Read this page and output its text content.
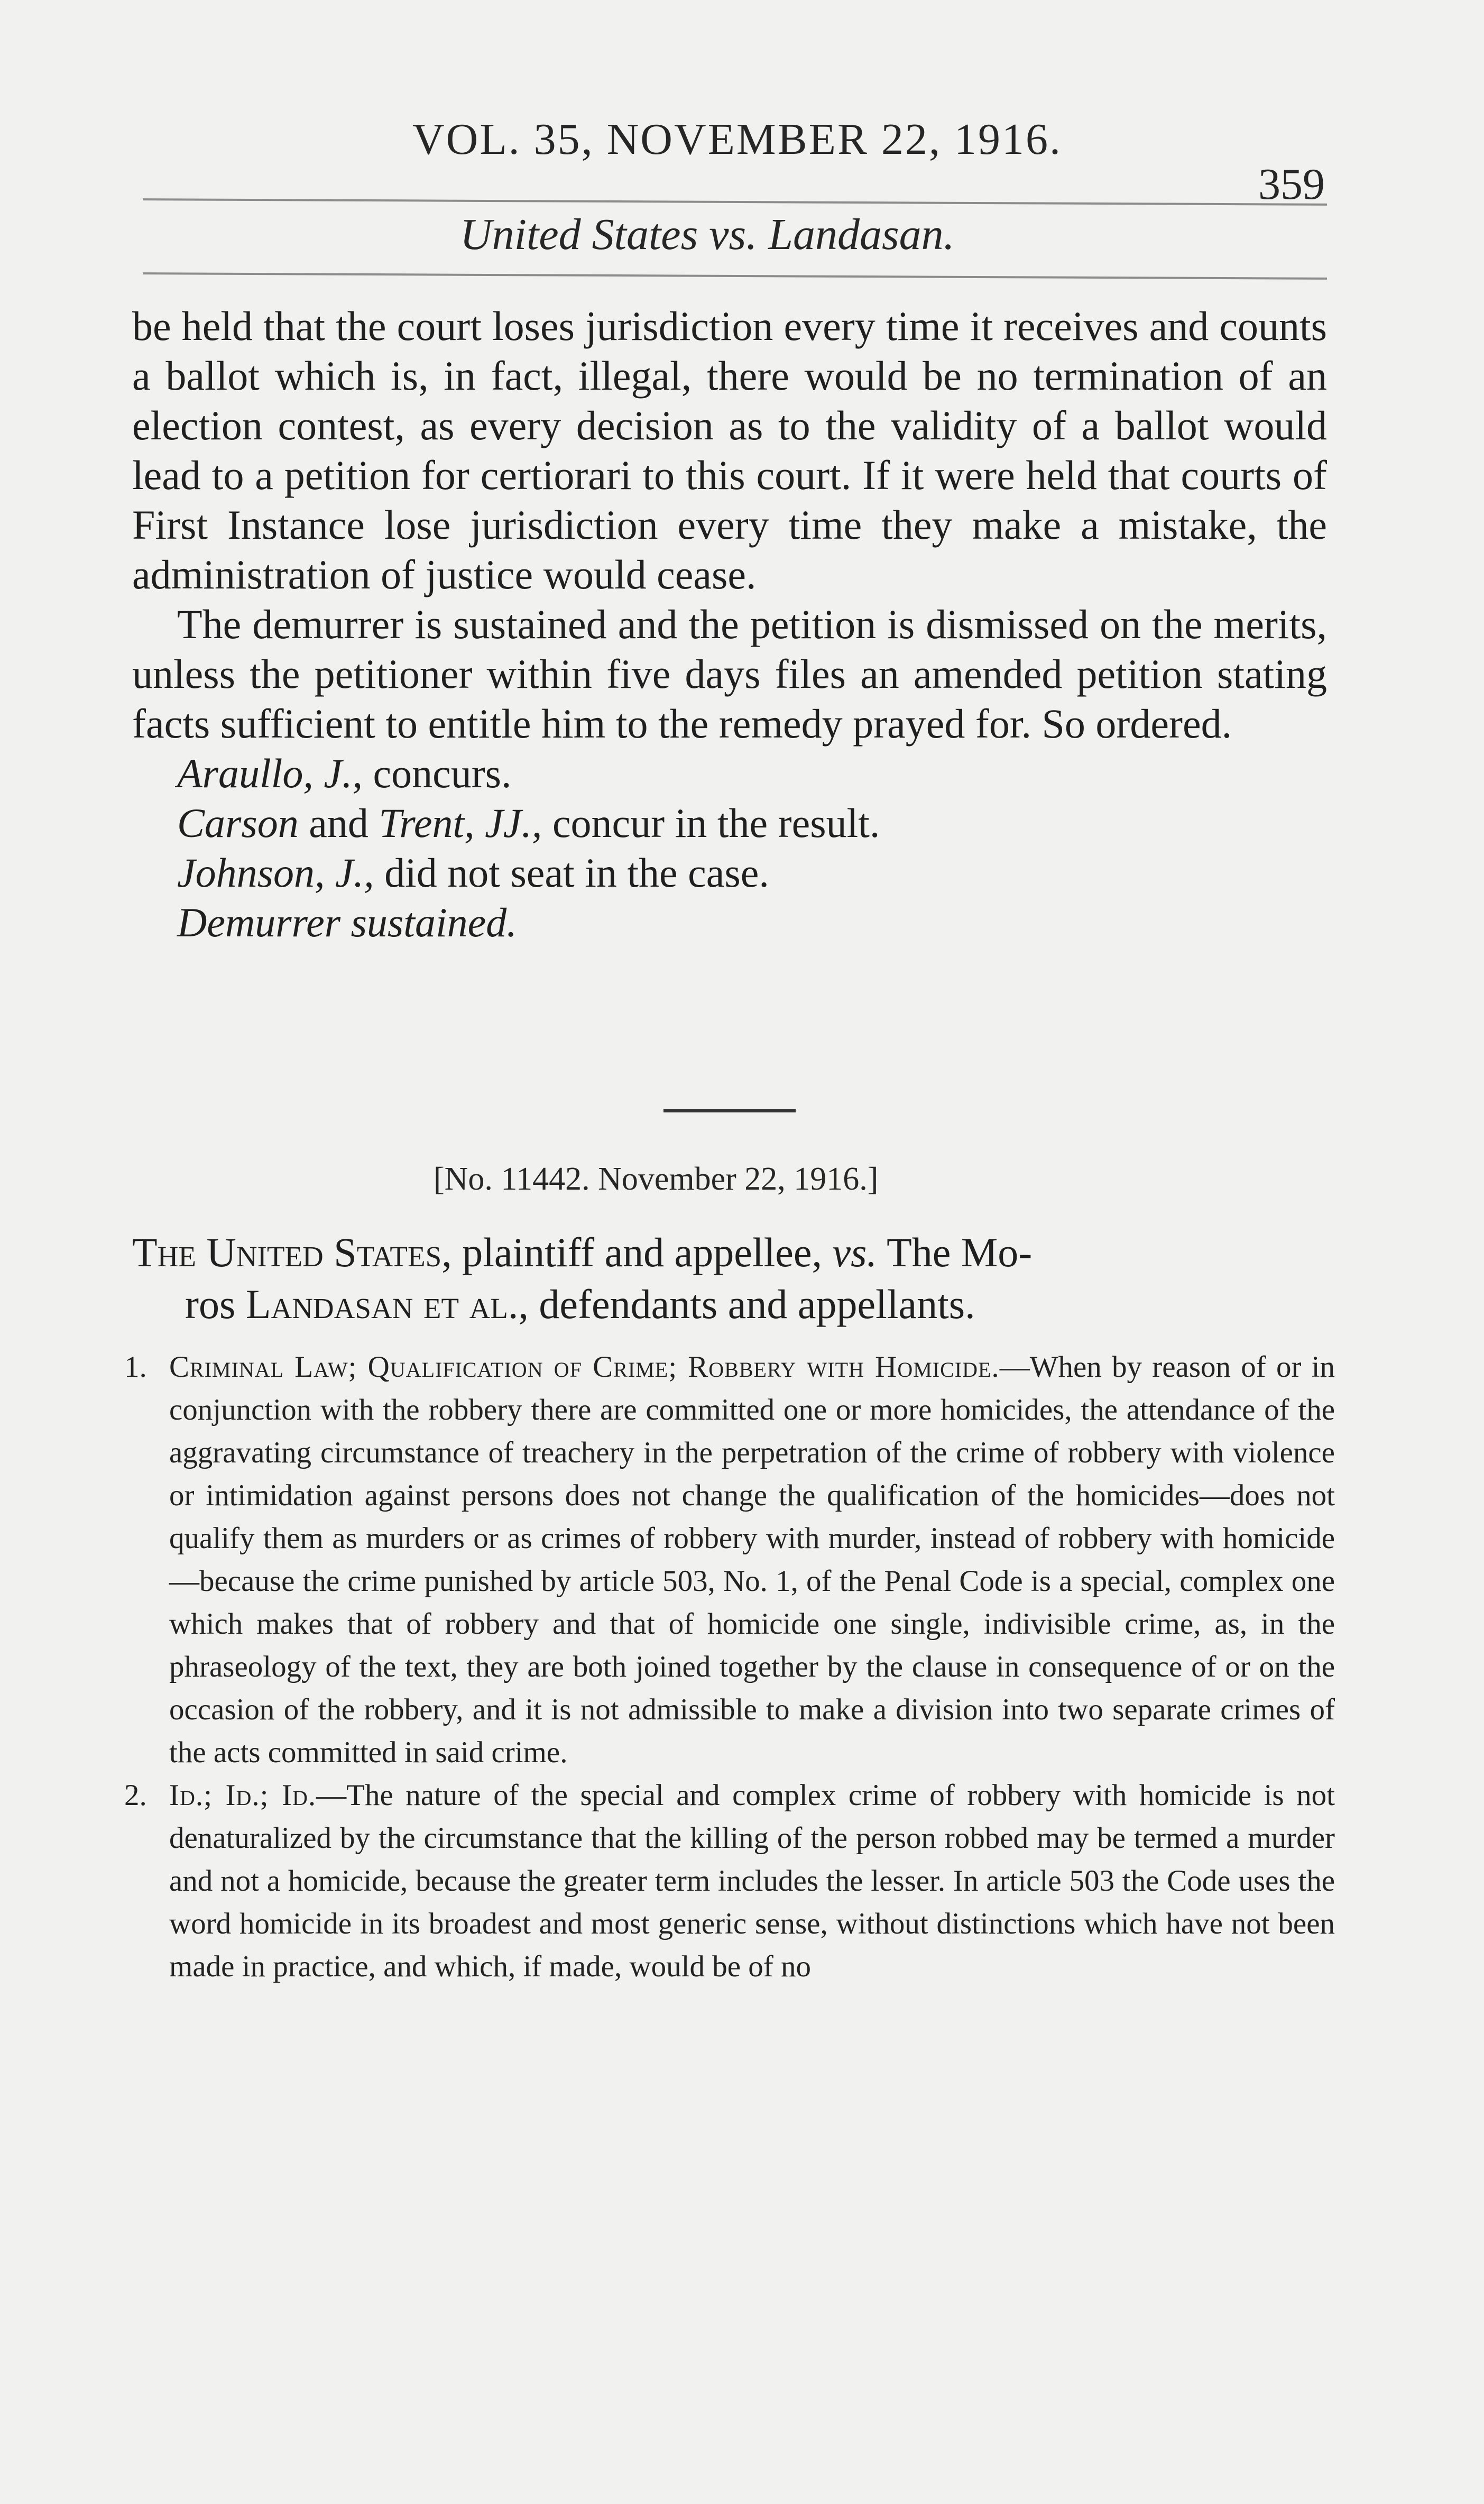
VOL. 35, NOVEMBER 22, 1916.
359
United States vs. Landasan.

be held that the court loses jurisdiction every time it receives and counts a ballot which is, in fact, illegal, there would be no termination of an election contest, as every decision as to the validity of a ballot would lead to a petition for certiorari to this court. If it were held that courts of First Instance lose jurisdiction every time they make a mistake, the administration of justice would cease.

The demurrer is sustained and the petition is dismissed on the merits, unless the petitioner within five days files an amended petition stating facts sufficient to entitle him to the remedy prayed for. So ordered.

Araullo, J., concurs.

Carson and Trent, JJ., concur in the result.

Johnson, J., did not seat in the case.

Demurrer sustained.

[No. 11442. November 22, 1916.]

The United States, plaintiff and appellee, vs. The Mo-

ros Landasan et al., defendants and appellants.

1. Criminal Law; Qualification of Crime; Robbery with Homicide.—When by reason of or in conjunction with the robbery there are committed one or more homicides, the attendance of the aggravating circumstance of treachery in the perpetration of the crime of robbery with violence or intimidation against persons does not change the qualification of the homicides—does not qualify them as murders or as crimes of robbery with murder, instead of robbery with homicide—because the crime punished by article 503, No. 1, of the Penal Code is a special, complex one which makes that of robbery and that of homicide one single, indivisible crime, as, in the phraseology of the text, they are both joined together by the clause in consequence of or on the occasion of the robbery, and it is not admissible to make a division into two separate crimes of the acts committed in said crime.
2. Id.; Id.; Id.—The nature of the special and complex crime of robbery with homicide is not denaturalized by the circumstance that the killing of the person robbed may be termed a murder and not a homicide, because the greater term includes the lesser. In article 503 the Code uses the word homicide in its broadest and most generic sense, without distinctions which have not been made in practice, and which, if made, would be of no
